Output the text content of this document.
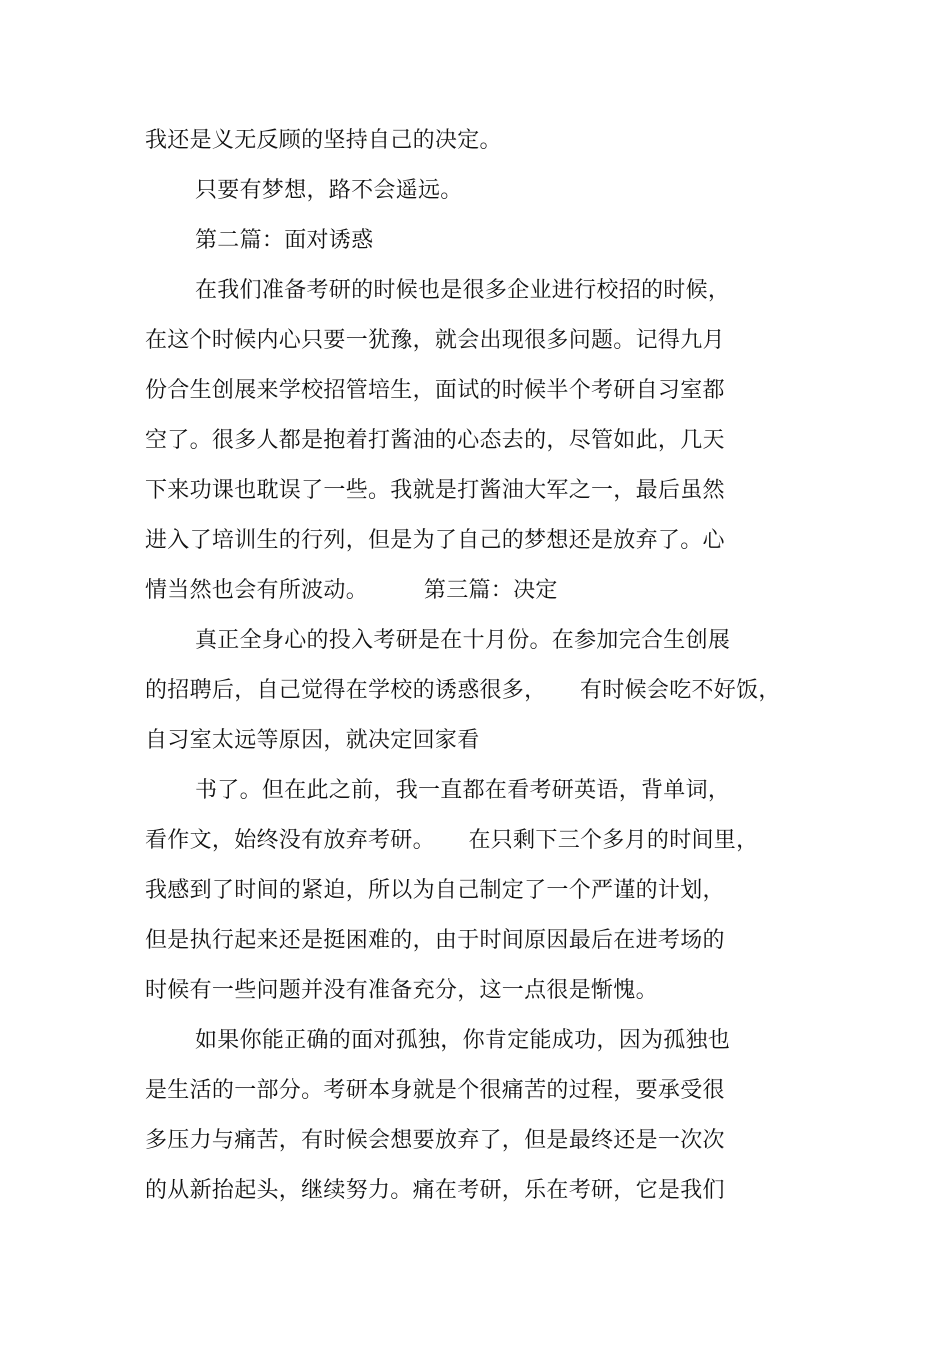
我还是义无反顾的坚持自己的决定。
只要有梦想，路不会遥远。
第二篇：面对诱惑
在我们准备考研的时候也是很多企业进行校招的时候，
在这个时候内心只要一犹豫，就会出现很多问题。记得九月
份合生创展来学校招管培生，面试的时候半个考研自习室都
空了。很多人都是抱着打酱油的心态去的，尽管如此，几天
下来功课也耽误了一些。我就是打酱油大军之一，最后虽然
进入了培训生的行列，但是为了自己的梦想还是放弃了。心
情当然也会有所波动。　　　第三篇：决定
真正全身心的投入考研是在十月份。在参加完合生创展
的招聘后，自己觉得在学校的诱惑很多，　　有时候会吃不好饭，
自习室太远等原因，就决定回家看
书了。但在此之前，我一直都在看考研英语，背单词，
看作文，始终没有放弃考研。　　在只剩下三个多月的时间里，
我感到了时间的紧迫，所以为自己制定了一个严谨的计划，
但是执行起来还是挺困难的，由于时间原因最后在进考场的
时候有一些问题并没有准备充分，这一点很是惭愧。
如果你能正确的面对孤独，你肯定能成功，因为孤独也
是生活的一部分。考研本身就是个很痛苦的过程，要承受很
多压力与痛苦，有时候会想要放弃了，但是最终还是一次次
的从新抬起头，继续努力。痛在考研，乐在考研，它是我们
